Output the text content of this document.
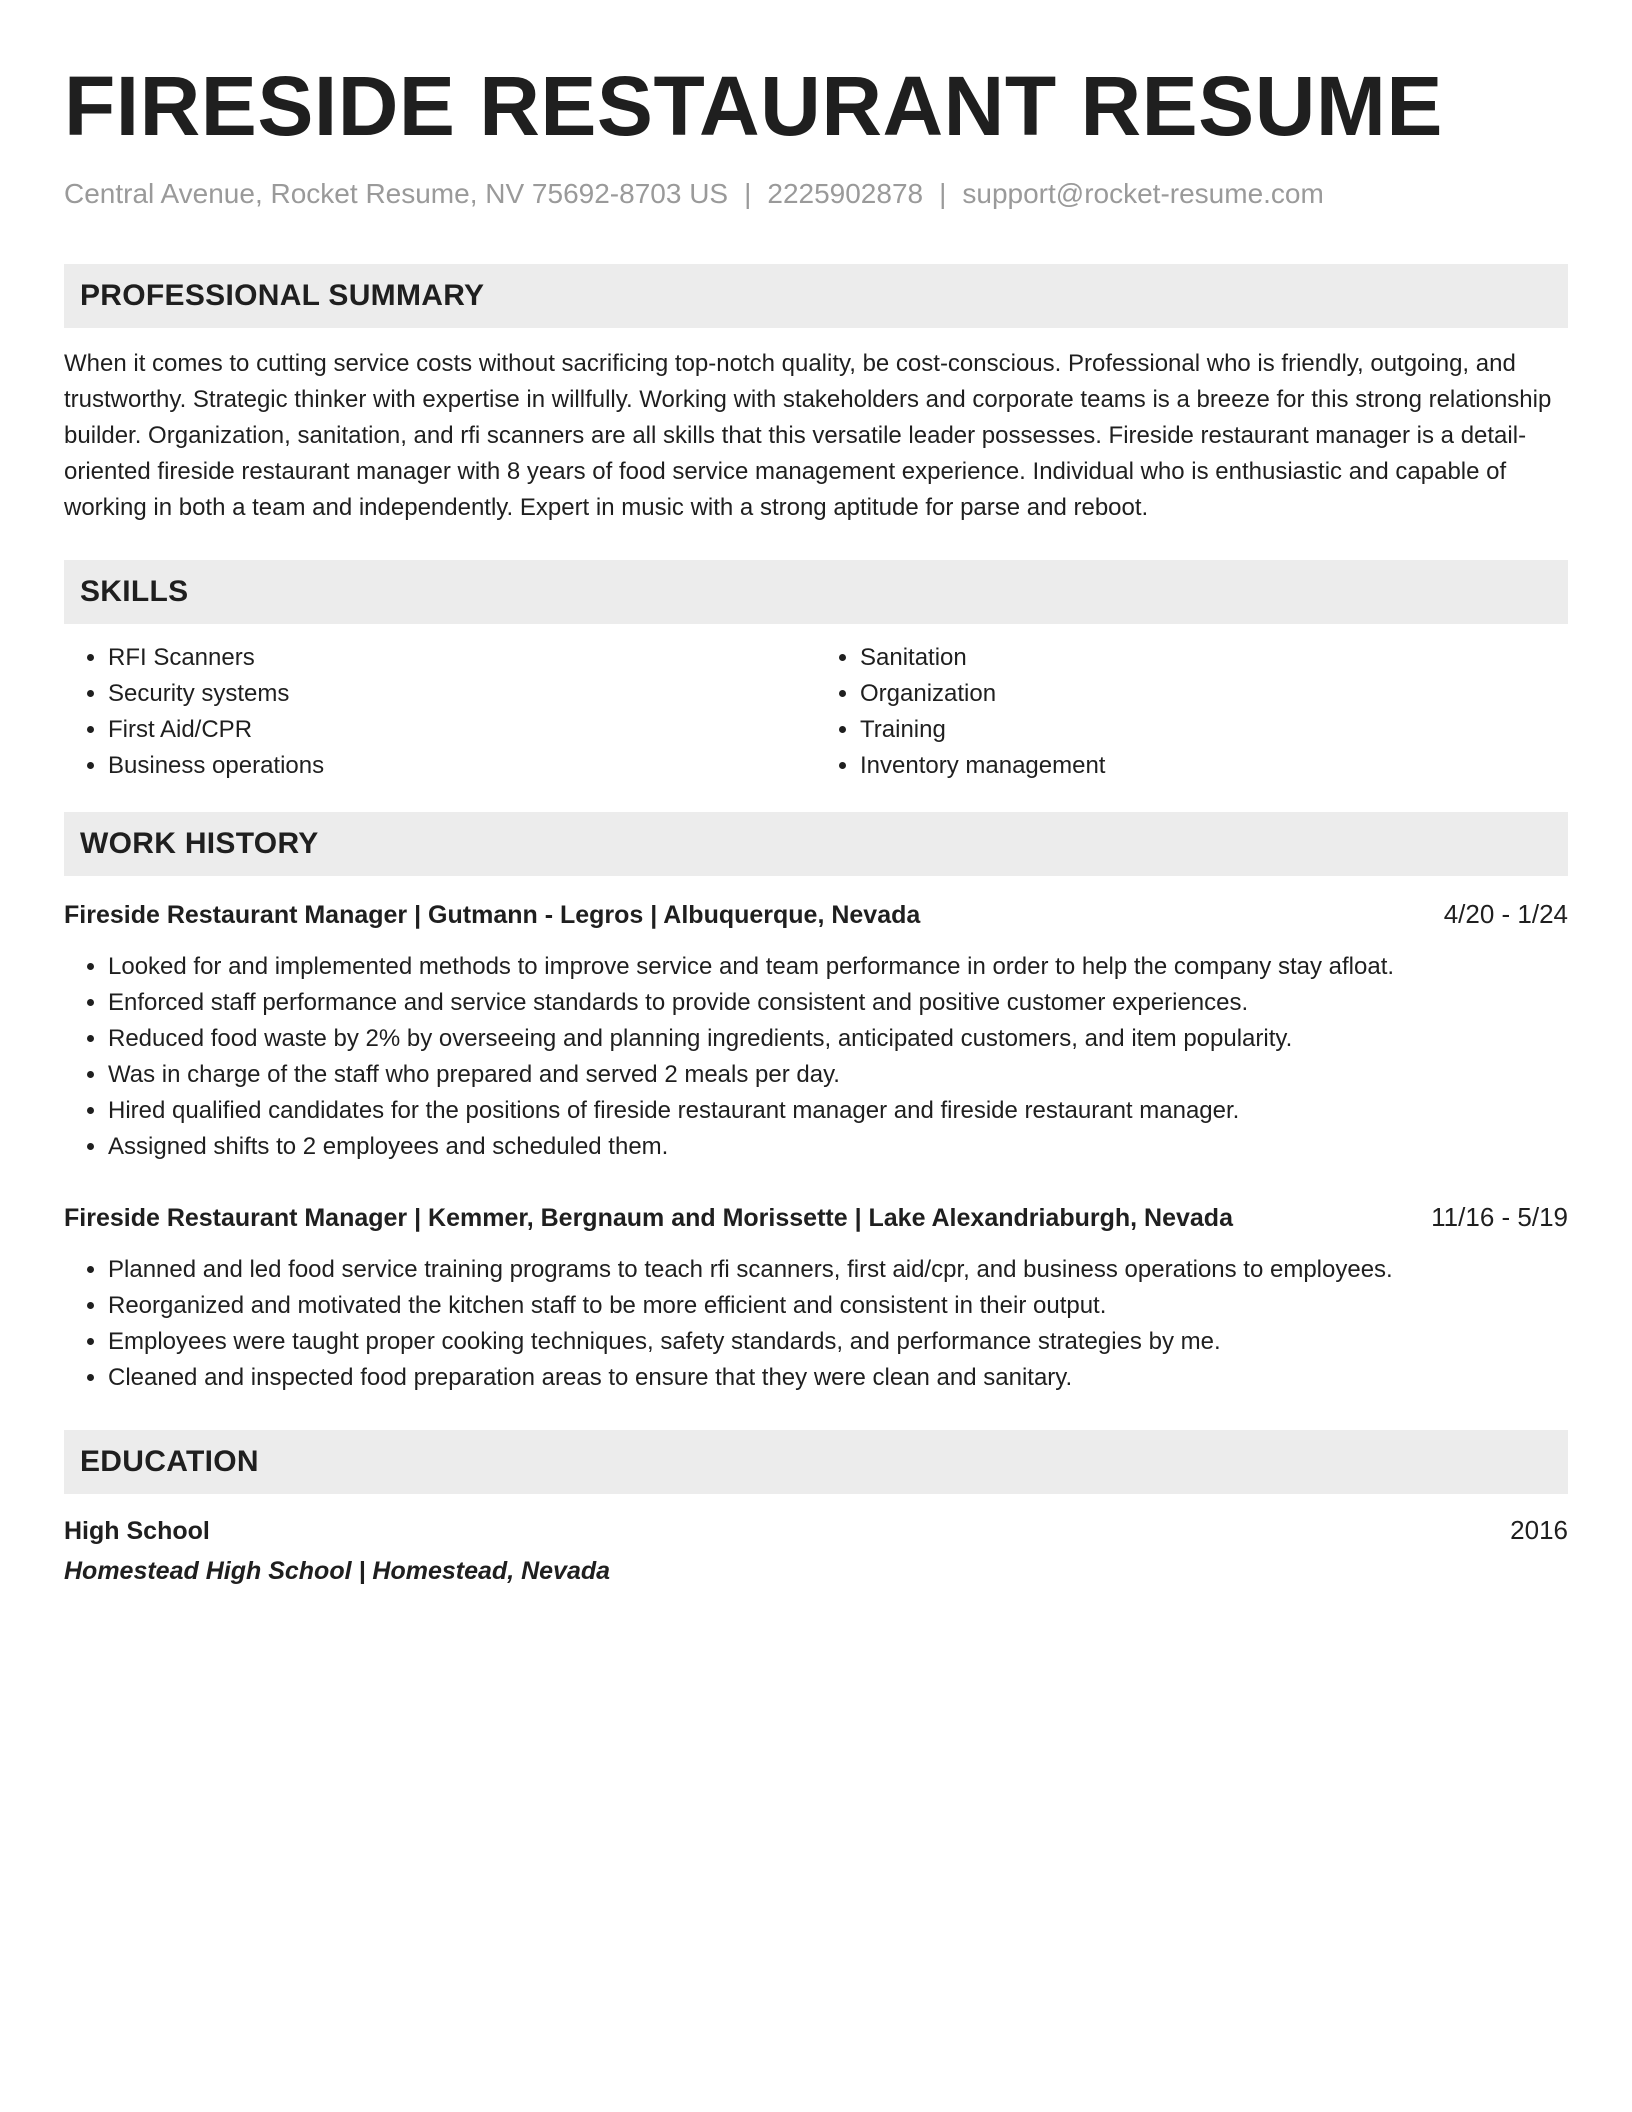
FIRESIDE RESTAURANT RESUME
Central Avenue, Rocket Resume, NV 75692-8703 US | 2225902878 | support@rocket-resume.com
PROFESSIONAL SUMMARY

When it comes to cutting service costs without sacrificing top-notch quality, be cost-conscious. Professional who is friendly, outgoing, and trustworthy. Strategic thinker with expertise in willfully. Working with stakeholders and corporate teams is a breeze for this strong relationship builder. Organization, sanitation, and rfi scanners are all skills that this versatile leader possesses. Fireside restaurant manager is a detail-oriented fireside restaurant manager with 8 years of food service management experience. Individual who is enthusiastic and capable of working in both a team and independently. Expert in music with a strong aptitude for parse and reboot.

SKILLS
• RFI Scanners
• Security systems
• First Aid/CPR
• Business operations
• Sanitation
• Organization
• Training
• Inventory management
WORK HISTORY
Fireside Restaurant Manager | Gutmann - Legros | Albuquerque, Nevada	4/20 - 1/24
• Looked for and implemented methods to improve service and team performance in order to help the company stay afloat.
• Enforced staff performance and service standards to provide consistent and positive customer experiences.
• Reduced food waste by 2% by overseeing and planning ingredients, anticipated customers, and item popularity.
• Was in charge of the staff who prepared and served 2 meals per day.
• Hired qualified candidates for the positions of fireside restaurant manager and fireside restaurant manager.
• Assigned shifts to 2 employees and scheduled them.
Fireside Restaurant Manager | Kemmer, Bergnaum and Morissette | Lake Alexandriaburgh, Nevada	11/16 - 5/19
• Planned and led food service training programs to teach rfi scanners, first aid/cpr, and business operations to employees.
• Reorganized and motivated the kitchen staff to be more efficient and consistent in their output.
• Employees were taught proper cooking techniques, safety standards, and performance strategies by me.
• Cleaned and inspected food preparation areas to ensure that they were clean and sanitary.
EDUCATION
High School	2016
Homestead High School | Homestead, Nevada
